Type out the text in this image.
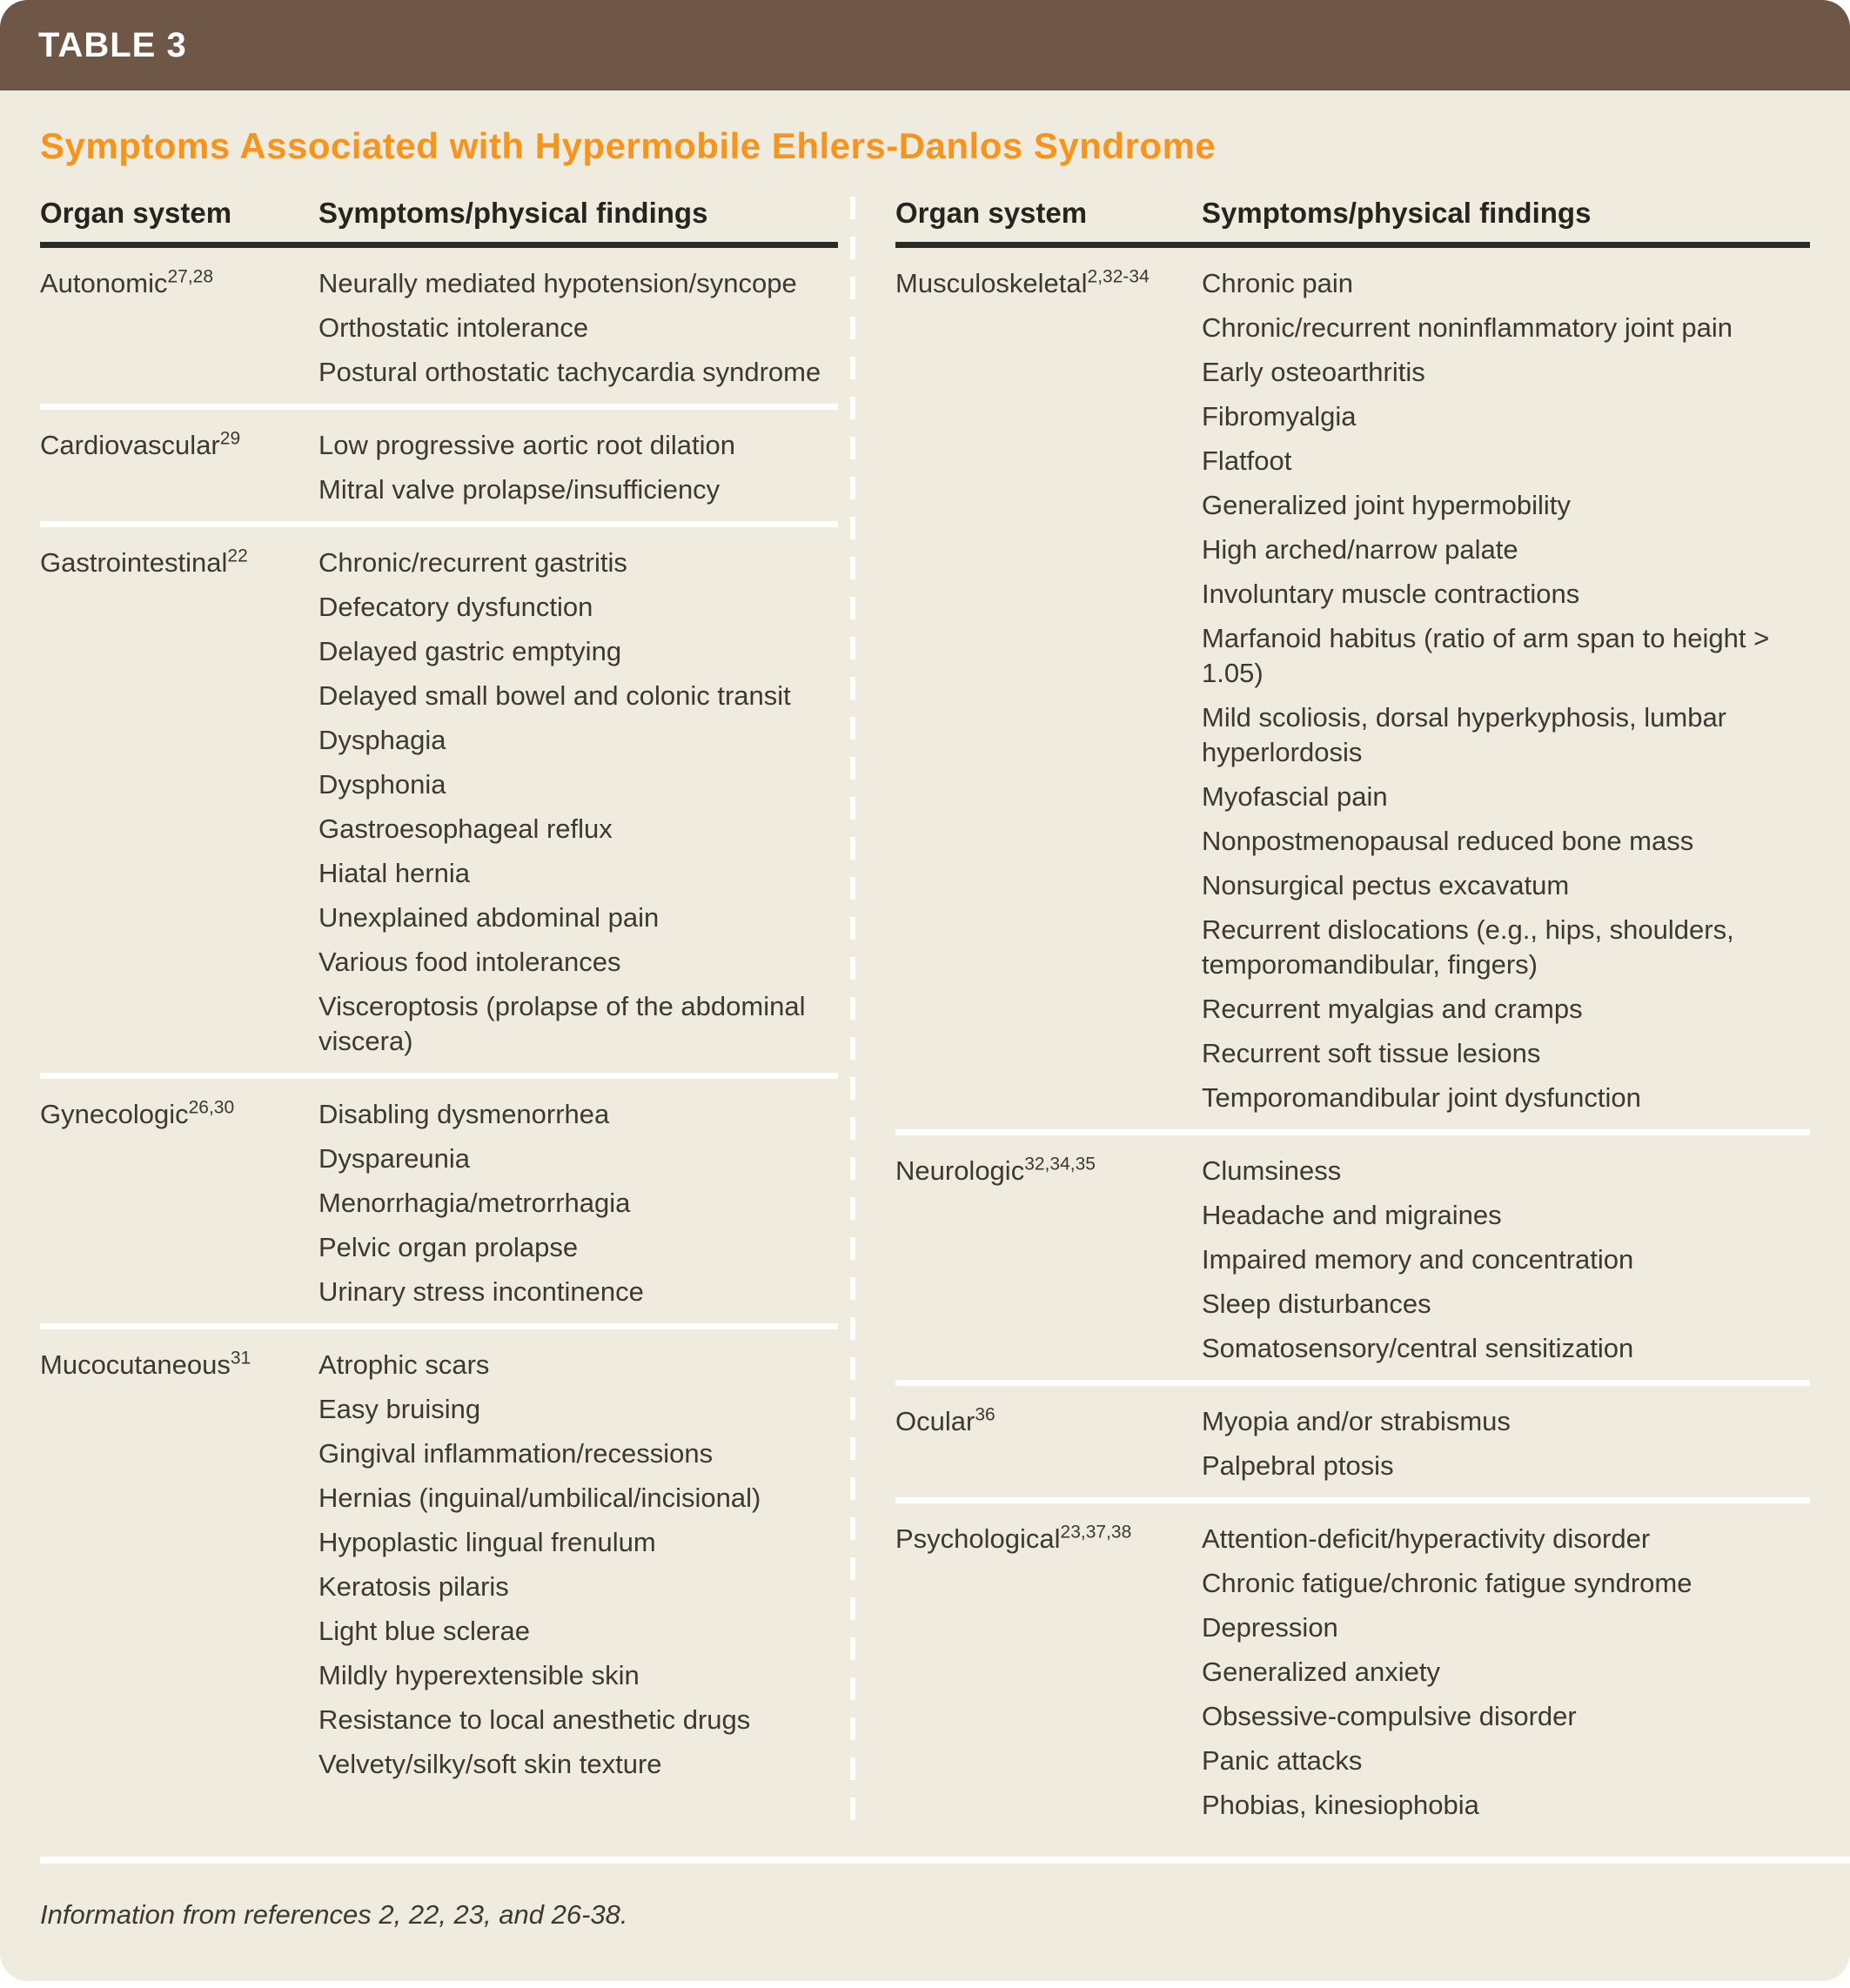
TABLE 3
Symptoms Associated with Hypermobile Ehlers-Danlos Syndrome
Organ system	Symptoms/physical findings
Autonomic$^{27,28}$	Neurally mediated hypotension/syncope
Orthostatic intolerance
Postural orthostatic tachycardia syndrome
Cardiovascular$^{29}$	Low progressive aortic root dilation
Mitral valve prolapse/insufficiency
Gastrointestinal$^{22}$	Chronic/recurrent gastritis
Defecatory dysfunction
Delayed gastric emptying
Delayed small bowel and colonic transit
Dysphagia
Dysphonia
Gastroesophageal reflux
Hiatal hernia
Unexplained abdominal pain
Various food intolerances
Visceroptosis (prolapse of the abdominal viscera)
Gynecologic$^{26,30}$	Disabling dysmenorrhea
Dyspareunia
Menorrhagia/metrorrhagia
Pelvic organ prolapse
Urinary stress incontinence
Mucocutaneous$^{31}$	Atrophic scars
Easy bruising
Gingival inflammation/recessions
Hernias (inguinal/umbilical/incisional)
Hypoplastic lingual frenulum
Keratosis pilaris
Light blue sclerae
Mildly hyperextensible skin
Resistance to local anesthetic drugs
Velvety/silky/soft skin texture
Organ system	Symptoms/physical findings
Musculoskeletal$^{2,32-34}$	Chronic pain
Chronic/recurrent noninflammatory joint pain
Early osteoarthritis
Fibromyalgia
Flatfoot
Generalized joint hypermobility
High arched/narrow palate
Involuntary muscle contractions
Marfanoid habitus (ratio of arm span to height > 1.05)
Mild scoliosis, dorsal hyperkyphosis, lumbar hyperlordosis
Myofascial pain
Nonpostmenopausal reduced bone mass
Nonsurgical pectus excavatum
Recurrent dislocations (e.g., hips, shoulders, temporomandibular, fingers)
Recurrent myalgias and cramps
Recurrent soft tissue lesions
Temporomandibular joint dysfunction
Neurologic$^{32,34,35}$	Clumsiness
Headache and migraines
Impaired memory and concentration
Sleep disturbances
Somatosensory/central sensitization
Ocular$^{36}$	Myopia and/or strabismus
Palpebral ptosis
Psychological$^{23,37,38}$	Attention-deficit/hyperactivity disorder
Chronic fatigue/chronic fatigue syndrome
Depression
Generalized anxiety
Obsessive-compulsive disorder
Panic attacks
Phobias, kinesiophobia
Information from references 2, 22, 23, and 26-38.
